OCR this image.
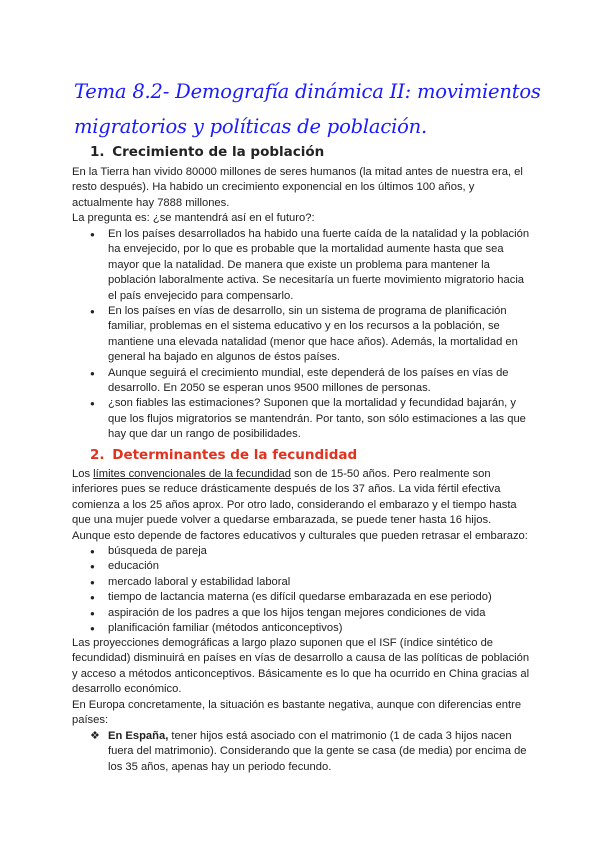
Tema 8.2- Demografía dinámica II: movimientos
migratorios y políticas de población.
1. Crecimiento de la población
En la Tierra han vivido 80000 millones de seres humanos (la mitad antes de nuestra era, el
resto después). Ha habido un crecimiento exponencial en los últimos 100 años, y
actualmente hay 7888 millones.
La pregunta es: ¿se mantendrá así en el futuro?:
● En los países desarrollados ha habido una fuerte caída de la natalidad y la población
ha envejecido, por lo que es probable que la mortalidad aumente hasta que sea
mayor que la natalidad. De manera que existe un problema para mantener la
población laboralmente activa. Se necesitaría un fuerte movimiento migratorio hacia
el país envejecido para compensarlo.
● En los países en vías de desarrollo, sin un sistema de programa de planificación
familiar, problemas en el sistema educativo y en los recursos a la población, se
mantiene una elevada natalidad (menor que hace años). Además, la mortalidad en
general ha bajado en algunos de éstos países.
● Aunque seguirá el crecimiento mundial, este dependerá de los países en vías de
desarrollo. En 2050 se esperan unos 9500 millones de personas.
● ¿son fiables las estimaciones? Suponen que la mortalidad y fecundidad bajarán, y
que los flujos migratorios se mantendrán. Por tanto, son sólo estimaciones a las que
hay que dar un rango de posibilidades.
2. Determinantes de la fecundidad
Los límites convencionales de la fecundidad son de 15-50 años. Pero realmente son
inferiores pues se reduce drásticamente después de los 37 años. La vida fértil efectiva
comienza a los 25 años aprox. Por otro lado, considerando el embarazo y el tiempo hasta
que una mujer puede volver a quedarse embarazada, se puede tener hasta 16 hijos.
Aunque esto depende de factores educativos y culturales que pueden retrasar el embarazo:
● búsqueda de pareja
● educación
● mercado laboral y estabilidad laboral
● tiempo de lactancia materna (es difícil quedarse embarazada en ese periodo)
● aspiración de los padres a que los hijos tengan mejores condiciones de vida
● planificación familiar (métodos anticonceptivos)
Las proyecciones demográficas a largo plazo suponen que el ISF (índice sintético de
fecundidad) disminuirá en países en vías de desarrollo a causa de las políticas de población
y acceso a métodos anticonceptivos. Básicamente es lo que ha ocurrido en China gracias al
desarrollo económico.
En Europa concretamente, la situación es bastante negativa, aunque con diferencias entre
países:
❖ En España, tener hijos está asociado con el matrimonio (1 de cada 3 hijos nacen
fuera del matrimonio). Considerando que la gente se casa (de media) por encima de
los 35 años, apenas hay un periodo fecundo.
